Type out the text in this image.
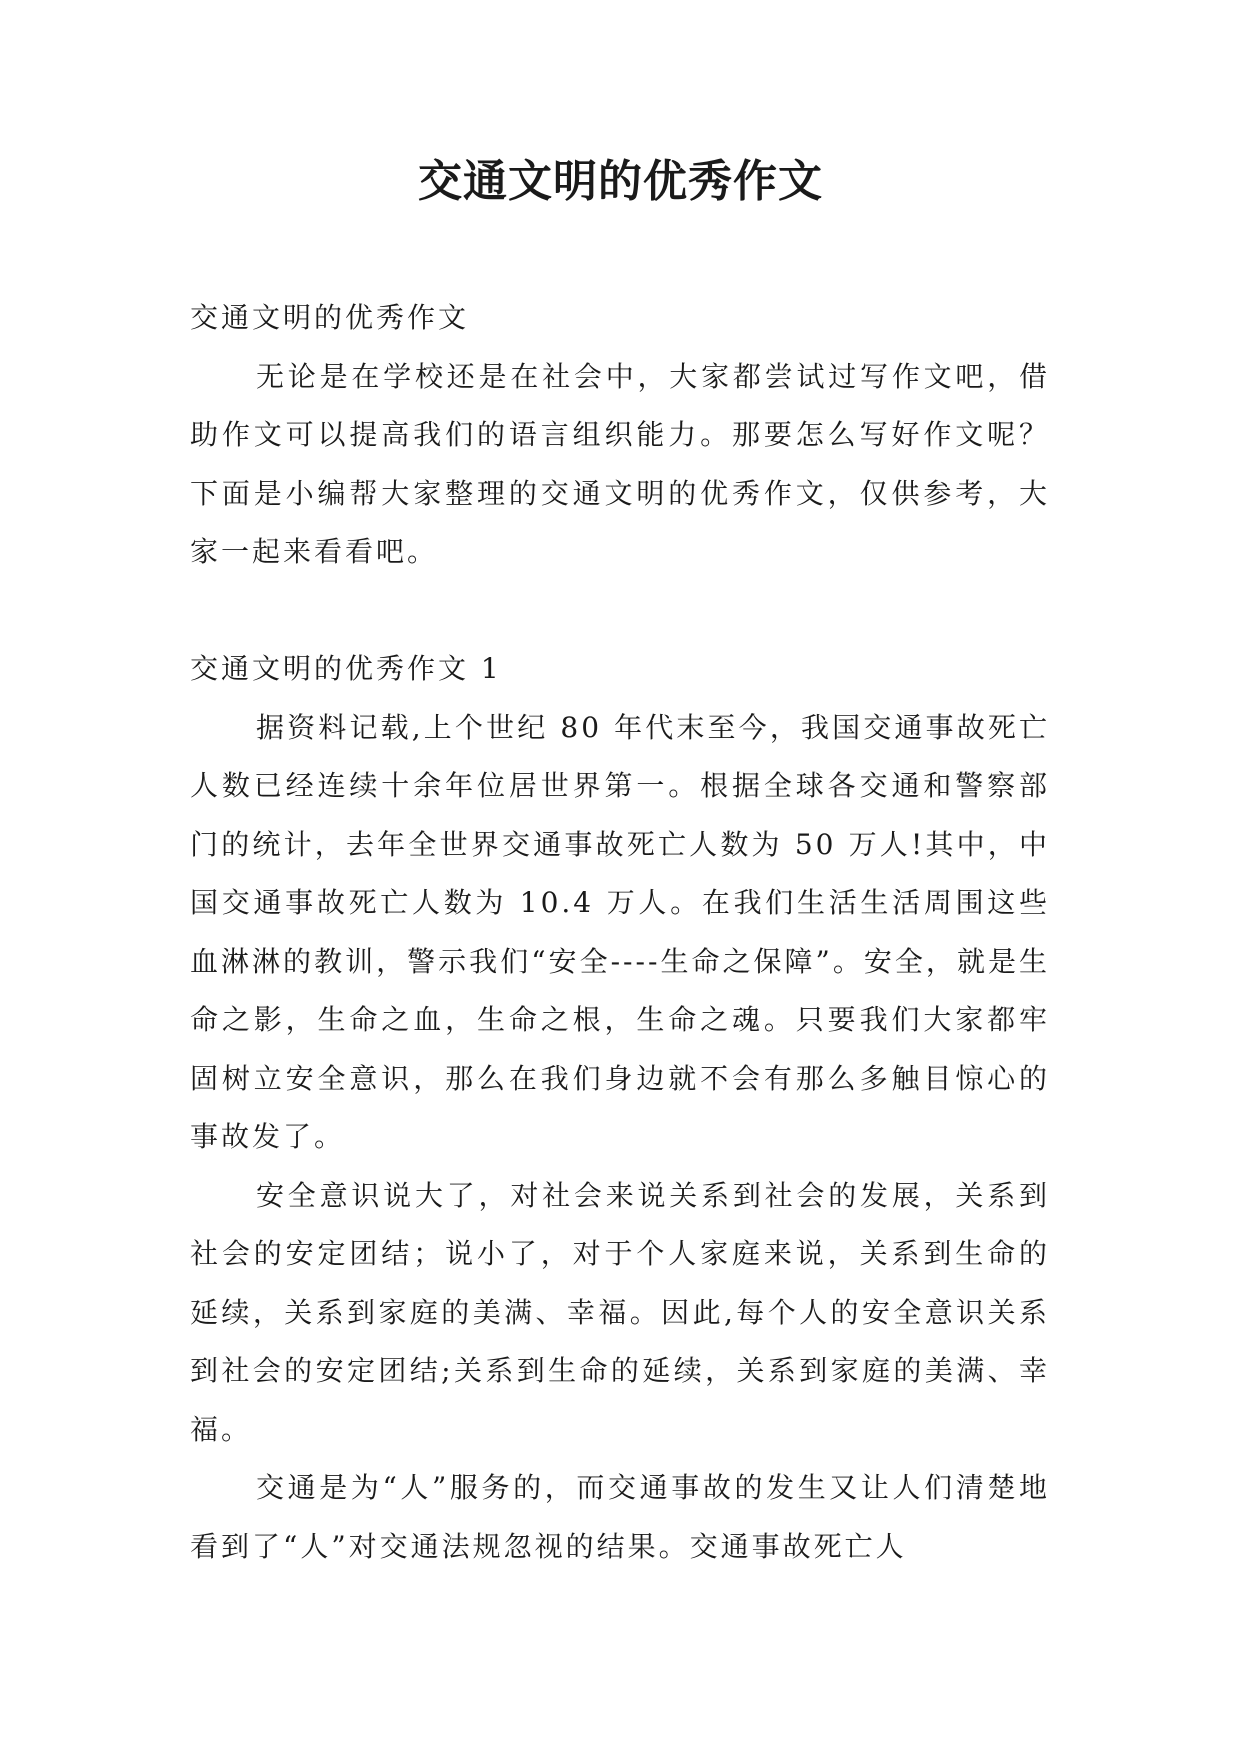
交通文明的优秀作文

交通文明的优秀作文

无论是在学校还是在社会中，大家都尝试过写作文吧，借助作文可以提高我们的语言组织能力。那要怎么写好作文呢？下面是小编帮大家整理的交通文明的优秀作文，仅供参考，大家一起来看看吧。

交通文明的优秀作文 1

据资料记载,上个世纪 80 年代末至今，我国交通事故死亡人数已经连续十余年位居世界第一。根据全球各交通和警察部门的统计，去年全世界交通事故死亡人数为 50 万人!其中，中国交通事故死亡人数为 10.4 万人。在我们生活生活周围这些血淋淋的教训，警示我们“安全----生命之保障”。安全，就是生命之影，生命之血，生命之根，生命之魂。只要我们大家都牢固树立安全意识，那么在我们身边就不会有那么多触目惊心的事故发了。

安全意识说大了，对社会来说关系到社会的发展，关系到社会的安定团结；说小了，对于个人家庭来说，关系到生命的延续，关系到家庭的美满、幸福。因此,每个人的安全意识关系到社会的安定团结;关系到生命的延续，关系到家庭的美满、幸福。

交通是为“人”服务的，而交通事故的发生又让人们清楚地看到了“人”对交通法规忽视的结果。交通事故死亡人
